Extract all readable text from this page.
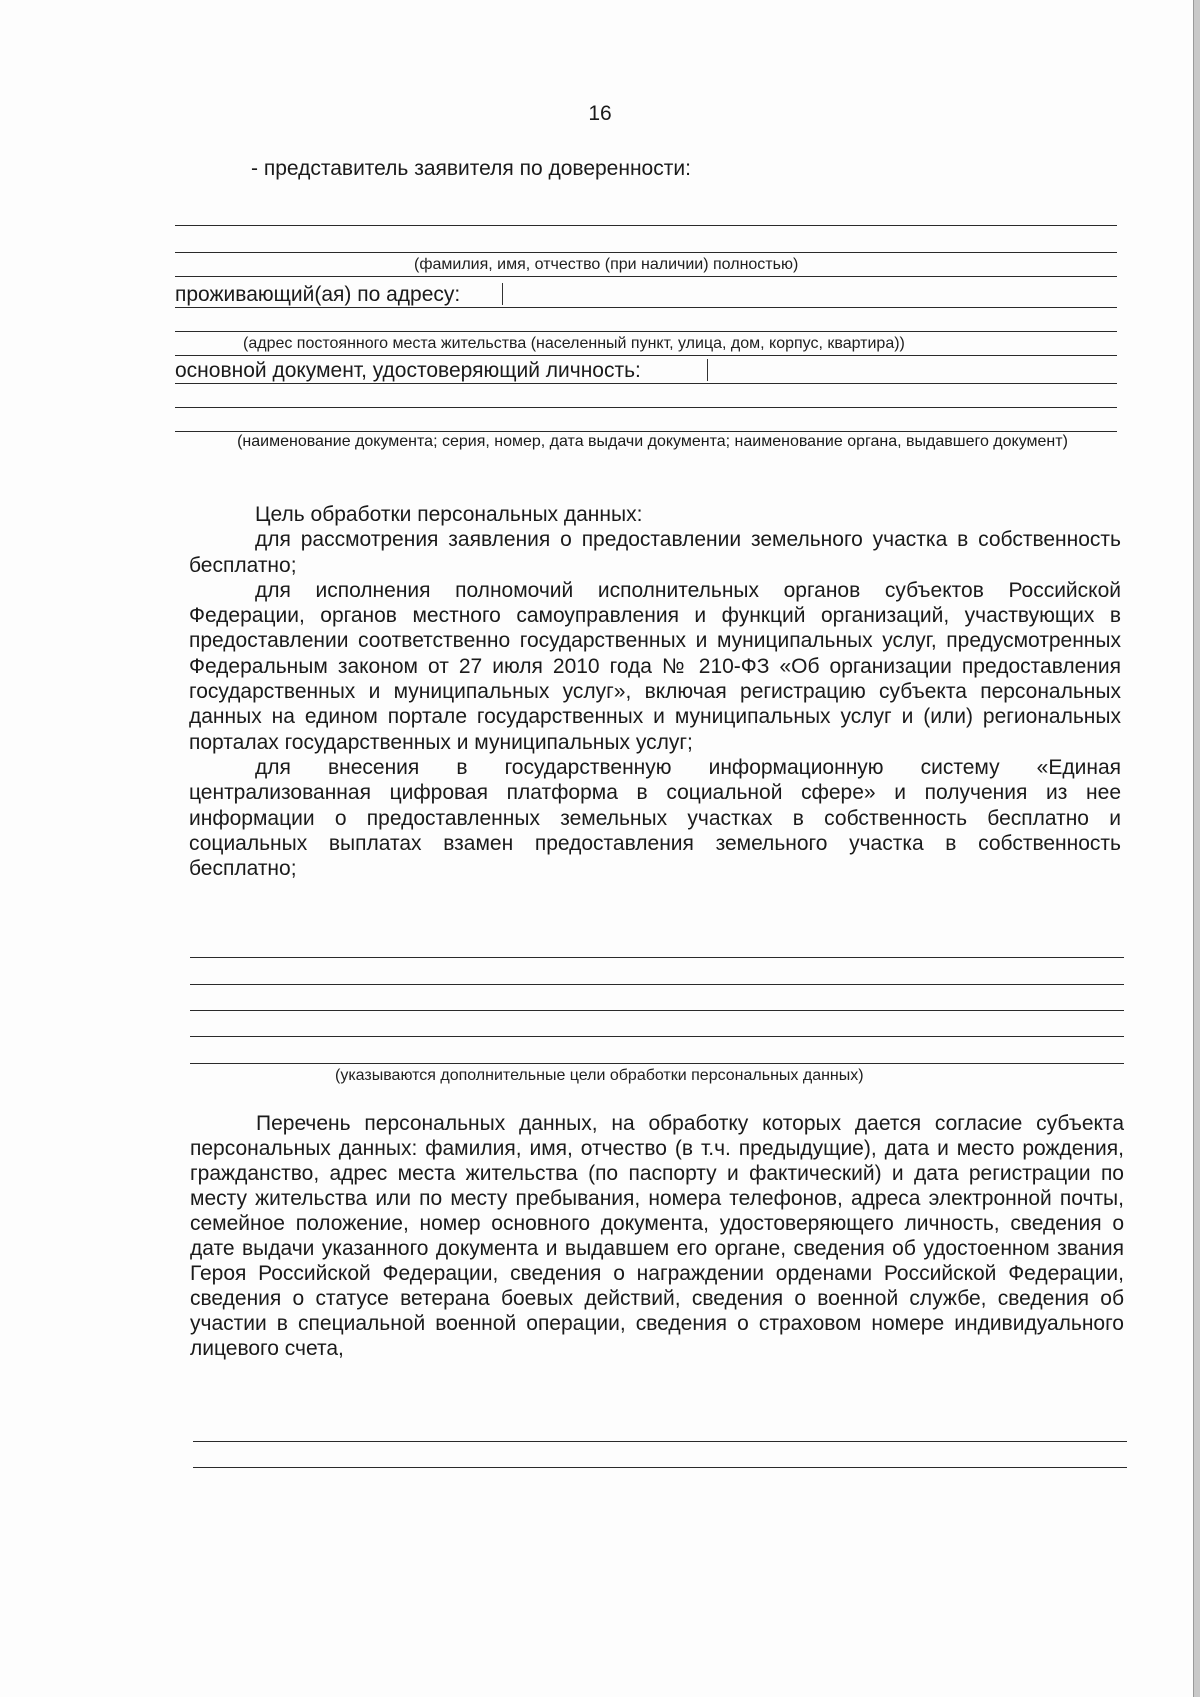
16
- представитель заявителя по доверенности:
(фамилия, имя, отчество (при наличии) полностью)
проживающий(ая) по адресу:
(адрес постоянного места жительства (населенный пункт, улица, дом, корпус, квартира))
основной документ, удостоверяющий личность:
(наименование документа; серия, номер, дата выдачи документа; наименование органа, выдавшего документ)

Цель обработки персональных данных:

для рассмотрения заявления о предоставлении земельного участка в собственность бесплатно;

для исполнения полномочий исполнительных органов субъектов Российской Федерации, органов местного самоуправления и функций организаций, участвующих в предоставлении соответственно государственных и муниципальных услуг, предусмотренных Федеральным законом от 27 июля 2010 года № 210-ФЗ «Об организации предоставления государственных и муниципальных услуг», включая регистрацию субъекта персональных данных на едином портале государственных и муниципальных услуг и (или) региональных порталах государственных и муниципальных услуг;

для внесения в государственную информационную систему «Единая централизованная цифровая платформа в социальной сфере» и получения из нее информации о предоставленных земельных участках в собственность бесплатно и социальных выплатах взамен предоставления земельного участка в собственность бесплатно;

(указываются дополнительные цели обработки персональных данных)

Перечень персональных данных, на обработку которых дается согласие субъекта персональных данных: фамилия, имя, отчество (в т.ч. предыдущие), дата и место рождения, гражданство, адрес места жительства (по паспорту и фактический) и дата регистрации по месту жительства или по месту пребывания, номера телефонов, адреса электронной почты, семейное положение, номер основного документа, удостоверяющего личность, сведения о дате выдачи указанного документа и выдавшем его органе, сведения об удостоенном звания Героя Российской Федерации, сведения о награждении орденами Российской Федерации, сведения о статусе ветерана боевых действий, сведения о военной службе, сведения об участии в специальной военной операции, сведения о страховом номере индивидуального лицевого счета,
